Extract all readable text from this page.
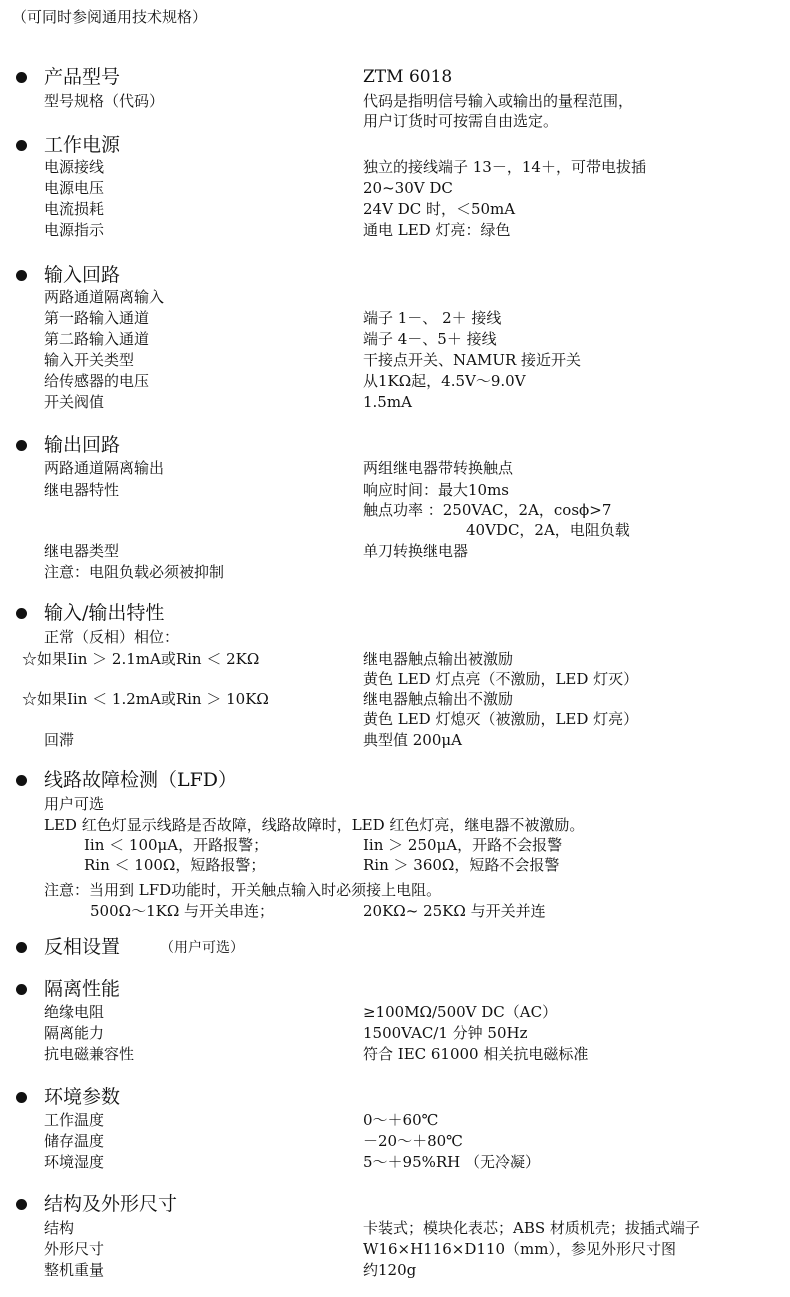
（可同时参阅通用技术规格）
产品型号	ZTM 6018
型号规格（代码）	代码是指明信号输入或输出的量程范围，
用户订货时可按需自由选定。
工作电源
电源接线	独立的接线端子 13－，14＋，可带电拔插
电源电压	20~30V DC
电流损耗	24V DC 时，＜50mA
电源指示	通电 LED 灯亮：绿色
输入回路
两路通道隔离输入
第一路输入通道	端子 1－、 2＋ 接线
第二路输入通道	端子 4－、5＋ 接线
输入开关类型	干接点开关、NAMUR 接近开关
给传感器的电压	从1KΩ起，4.5V～9.0V
开关阀值	1.5mA
输出回路
两路通道隔离输出	两组继电器带转换触点
继电器特性	响应时间：最大10ms
触点功率 ：250VAC，2A，cosϕ>7
40VDC，2A，电阻负载
继电器类型	单刀转换继电器
注意：电阻负载必须被抑制
输入/输出特性
正常（反相）相位：
☆如果Iin ＞ 2.1mA或Rin ＜ 2KΩ	继电器触点输出被激励
黄色 LED 灯点亮（不激励，LED 灯灭）
☆如果Iin ＜ 1.2mA或Rin ＞ 10KΩ	继电器触点输出不激励
黄色 LED 灯熄灭（被激励，LED 灯亮）
回滞	典型值 200μA
线路故障检测（LFD）
用户可选
LED 红色灯显示线路是否故障，线路故障时，LED 红色灯亮，继电器不被激励。
Iin ＜ 100μA，开路报警；	Iin ＞ 250μA，开路不会报警
Rin ＜ 100Ω，短路报警；	Rin ＞ 360Ω，短路不会报警
注意：当用到 LFD功能时，开关触点输入时必须接上电阻。
500Ω～1KΩ 与开关串连；	20KΩ~ 25KΩ 与开关并连
反相设置	（用户可选）
隔离性能
绝缘电阻	≥100MΩ/500V DC（AC）
隔离能力	1500VAC/1 分钟 50Hz
抗电磁兼容性	符合 IEC 61000 相关抗电磁标准
环境参数
工作温度	0～＋60℃
储存温度	－20～＋80℃
环境湿度	5～＋95%RH （无冷凝）
结构及外形尺寸
结构	卡装式；模块化表芯；ABS 材质机壳；拔插式端子
外形尺寸	W16×H116×D110（mm），参见外形尺寸图
整机重量	约120g
